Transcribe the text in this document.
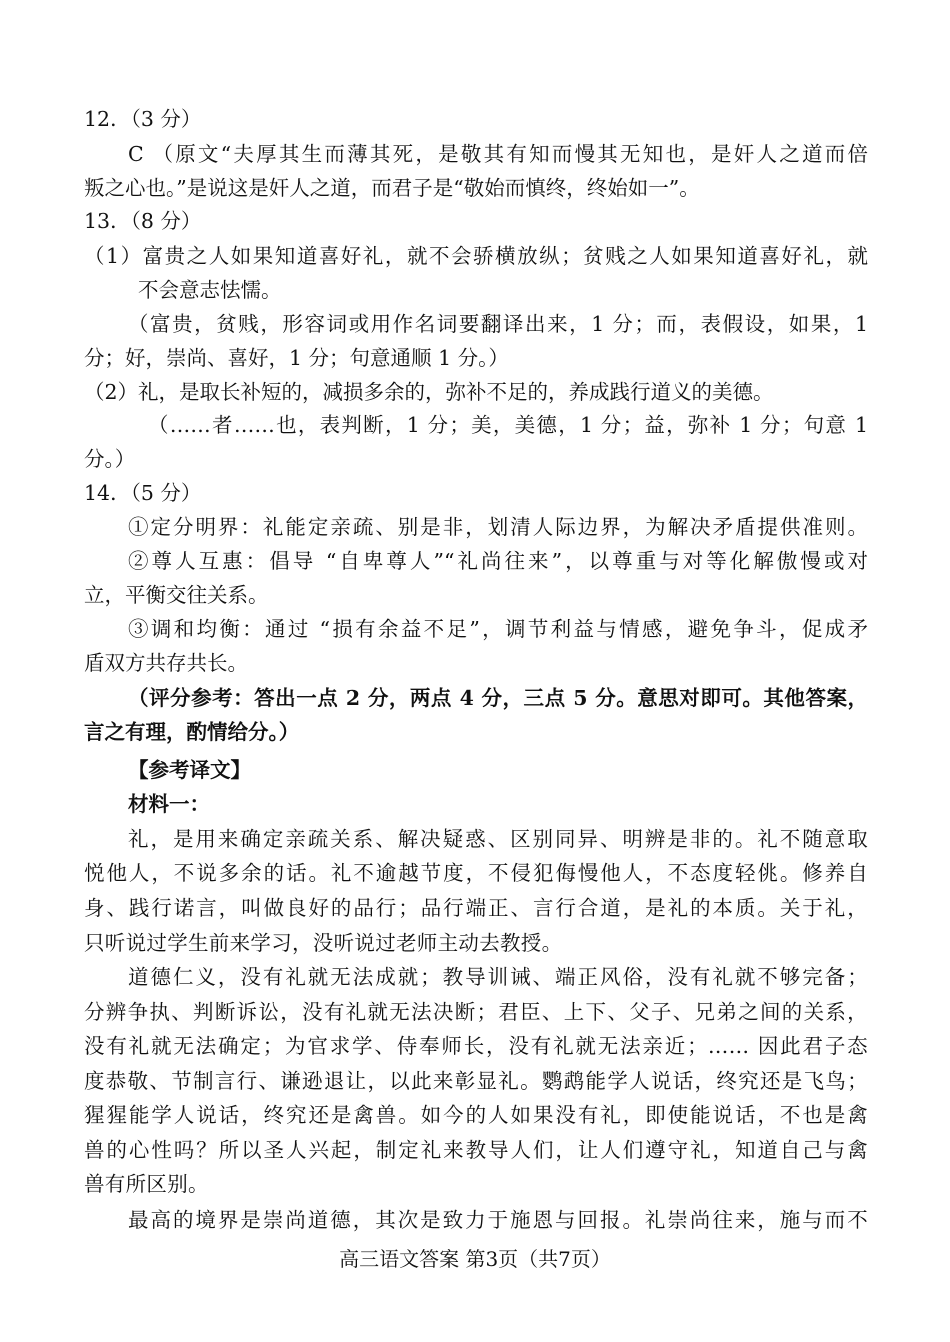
12．（3 分）
C （原文“夫厚其生而薄其死，是敬其有知而慢其无知也，是奸人之道而倍
叛之心也。”是说这是奸人之道，而君子是“敬始而慎终，终始如一”。
13．（8 分）
（1）富贵之人如果知道喜好礼，就不会骄横放纵；贫贱之人如果知道喜好礼，就
不会意志怯懦。
（富贵，贫贱，形容词或用作名词要翻译出来，1 分；而，表假设，如果，1
分；好，崇尚、喜好，1 分；句意通顺 1 分。）
（2）礼，是取长补短的，减损多余的，弥补不足的，养成践行道义的美德。
（……者……也，表判断，1 分；美，美德，1 分；益，弥补 1 分；句意 1
分。）
14．（5 分）
①定分明界：礼能定亲疏、别是非，划清人际边界，为解决矛盾提供准则。
②尊人互惠：倡导 “自卑尊人”“礼尚往来”，以尊重与对等化解傲慢或对
立，平衡交往关系。
③调和均衡：通过 “损有余益不足”，调节利益与情感，避免争斗，促成矛
盾双方共存共长。
（评分参考：答出一点 2 分，两点 4 分，三点 5 分。意思对即可。其他答案，
言之有理，酌情给分。）
【参考译文】
材料一：
礼，是用来确定亲疏关系、解决疑惑、区别同异、明辨是非的。礼不随意取
悦他人，不说多余的话。礼不逾越节度，不侵犯侮慢他人，不态度轻佻。修养自
身、践行诺言，叫做良好的品行；品行端正、言行合道，是礼的本质。关于礼，
只听说过学生前来学习，没听说过老师主动去教授。
道德仁义，没有礼就无法成就；教导训诫、端正风俗，没有礼就不够完备；
分辨争执、判断诉讼，没有礼就无法决断；君臣、上下、父子、兄弟之间的关系，
没有礼就无法确定；为官求学、侍奉师长，没有礼就无法亲近；…… 因此君子态
度恭敬、节制言行、谦逊退让，以此来彰显礼。鹦鹉能学人说话，终究还是飞鸟；
猩猩能学人说话，终究还是禽兽。如今的人如果没有礼，即使能说话，不也是禽
兽的心性吗？所以圣人兴起，制定礼来教导人们，让人们遵守礼，知道自己与禽
兽有所区别。
最高的境界是崇尚道德，其次是致力于施恩与回报。礼崇尚往来，施与而不
高三语文答案 第3页（共7页）
